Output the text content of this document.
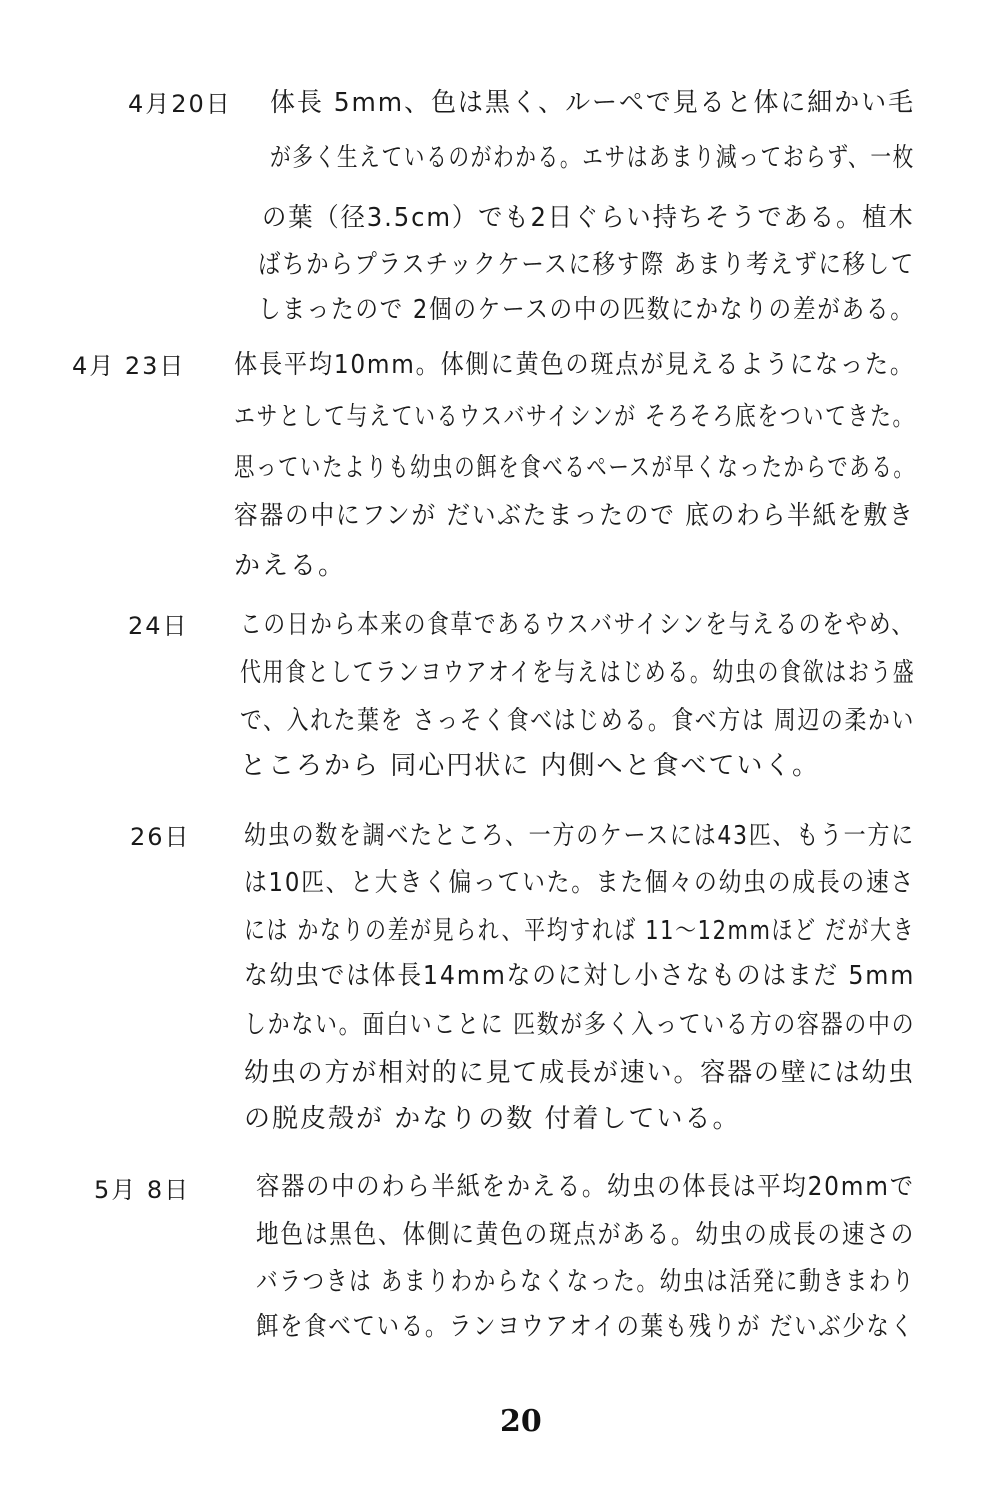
4月20日 体長 5mm、色は黒く、ルーペで見ると体に細かい毛
が多く生えているのがわかる。エサはあまり減っておらず、一枚
の葉（径3.5cm）でも2日ぐらい持ちそうである。植木
ばちからプラスチックケースに移す際 あまり考えずに移して
しまったので 2個のケースの中の匹数にかなりの差がある。
4月 23日 体長平均10mm。体側に黄色の斑点が見えるようになった。
エサとして与えているウスバサイシンが そろそろ底をついてきた。
思っていたよりも幼虫の餌を食べるペースが早くなったからである。
容器の中にフンが だいぶたまったので 底のわら半紙を敷き
かえる。
24日 この日から本来の食草であるウスバサイシンを与えるのをやめ、
代用食としてランヨウアオイを与えはじめる。幼虫の食欲はおう盛
で、入れた葉を さっそく食べはじめる。食べ方は 周辺の柔かい
ところから 同心円状に 内側へと食べていく。
26日 幼虫の数を調べたところ、一方のケースには43匹、もう一方に
は10匹、と大きく偏っていた。また個々の幼虫の成長の速さ
には かなりの差が見られ、平均すれば 11～12mmほど だが大き
な幼虫では体長14mmなのに対し小さなものはまだ 5mm
しかない。面白いことに 匹数が多く入っている方の容器の中の
幼虫の方が相対的に見て成長が速い。容器の壁には幼虫
の脱皮殻が かなりの数 付着している。
5月 8日	容器の中のわら半紙をかえる。幼虫の体長は平均20mmで
地色は黒色、体側に黄色の斑点がある。幼虫の成長の速さの
バラつきは あまりわからなくなった。幼虫は活発に動きまわり
餌を食べている。ランヨウアオイの葉も残りが だいぶ少なく
20
